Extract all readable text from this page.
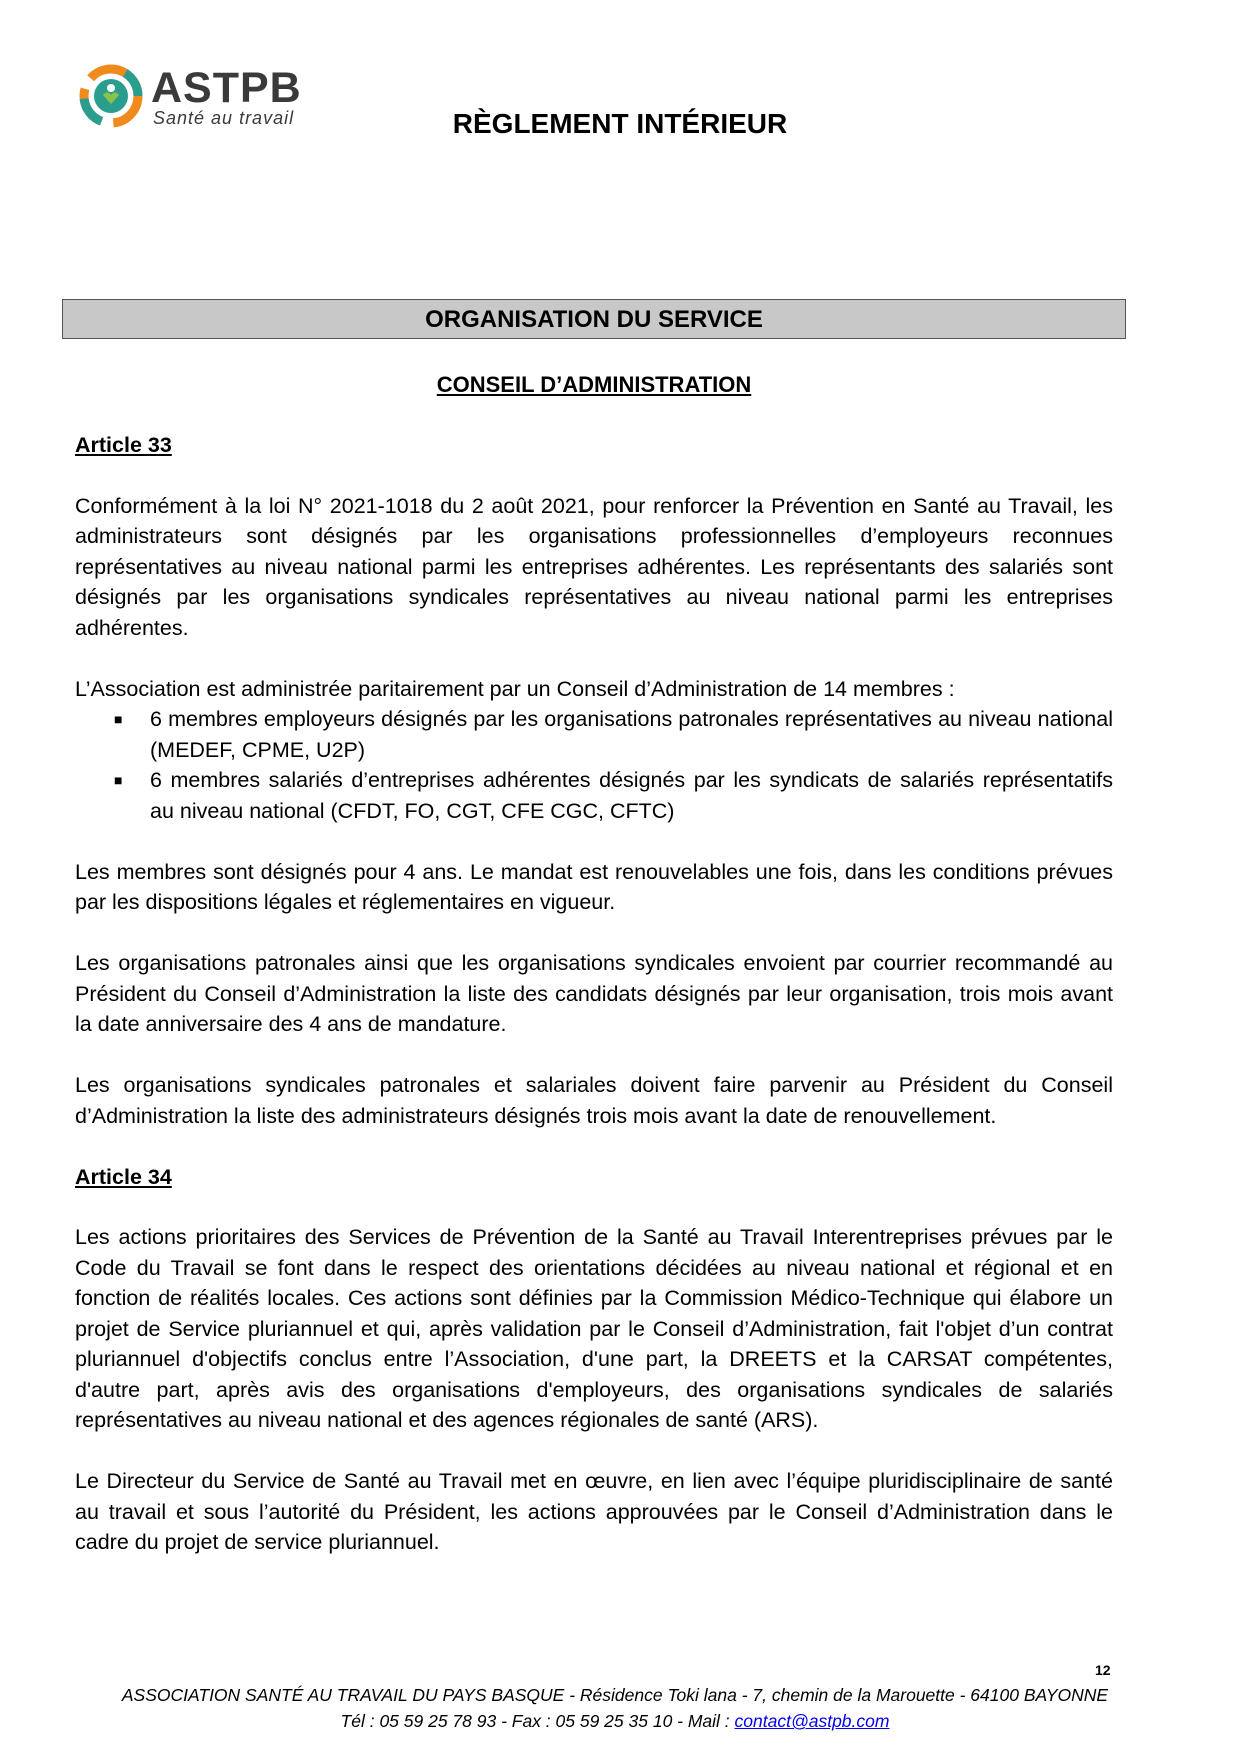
ASTPB
Santé au travail	RÈGLEMENT INTÉRIEUR
ORGANISATION DU SERVICE
CONSEIL D’ADMINISTRATION
Article 33

Conformément à la loi N° 2021-1018 du 2 août 2021, pour renforcer la Prévention en Santé au Travail, les administrateurs sont désignés par les organisations professionnelles d’employeurs reconnues représentatives au niveau national parmi les entreprises adhérentes. Les représentants des salariés sont désignés par les organisations syndicales représentatives au niveau national parmi les entreprises adhérentes.

L’Association est administrée paritairement par un Conseil d’Administration de 14 membres :

■ 6 membres employeurs désignés par les organisations patronales représentatives au niveau national (MEDEF, CPME, U2P)
■ 6 membres salariés d’entreprises adhérentes désignés par les syndicats de salariés représentatifs au niveau national (CFDT, FO, CGT, CFE CGC, CFTC)

Les membres sont désignés pour 4 ans. Le mandat est renouvelables une fois, dans les conditions prévues par les dispositions légales et réglementaires en vigueur.

Les organisations patronales ainsi que les organisations syndicales envoient par courrier recommandé au Président du Conseil d’Administration la liste des candidats désignés par leur organisation, trois mois avant la date anniversaire des 4 ans de mandature.

Les organisations syndicales patronales et salariales doivent faire parvenir au Président du Conseil d’Administration la liste des administrateurs désignés trois mois avant la date de renouvellement.

Article 34

Les actions prioritaires des Services de Prévention de la Santé au Travail Interentreprises prévues par le Code du Travail se font dans le respect des orientations décidées au niveau national et régional et en fonction de réalités locales. Ces actions sont définies par la Commission Médico-Technique qui élabore un projet de Service pluriannuel et qui, après validation par le Conseil d’Administration, fait l'objet d’un contrat pluriannuel d'objectifs conclus entre l’Association, d'une part, la DREETS et la CARSAT compétentes, d'autre part, après avis des organisations d'employeurs, des organisations syndicales de salariés représentatives au niveau national et des agences régionales de santé (ARS).

Le Directeur du Service de Santé au Travail met en œuvre, en lien avec l’équipe pluridisciplinaire de santé au travail et sous l’autorité du Président, les actions approuvées par le Conseil d’Administration dans le cadre du projet de service pluriannuel.

12
ASSOCIATION SANTÉ AU TRAVAIL DU PAYS BASQUE - Résidence Toki lana - 7, chemin de la Marouette - 64100 BAYONNE
Tél : 05 59 25 78 93 - Fax : 05 59 25 35 10 - Mail : contact@astpb.com
